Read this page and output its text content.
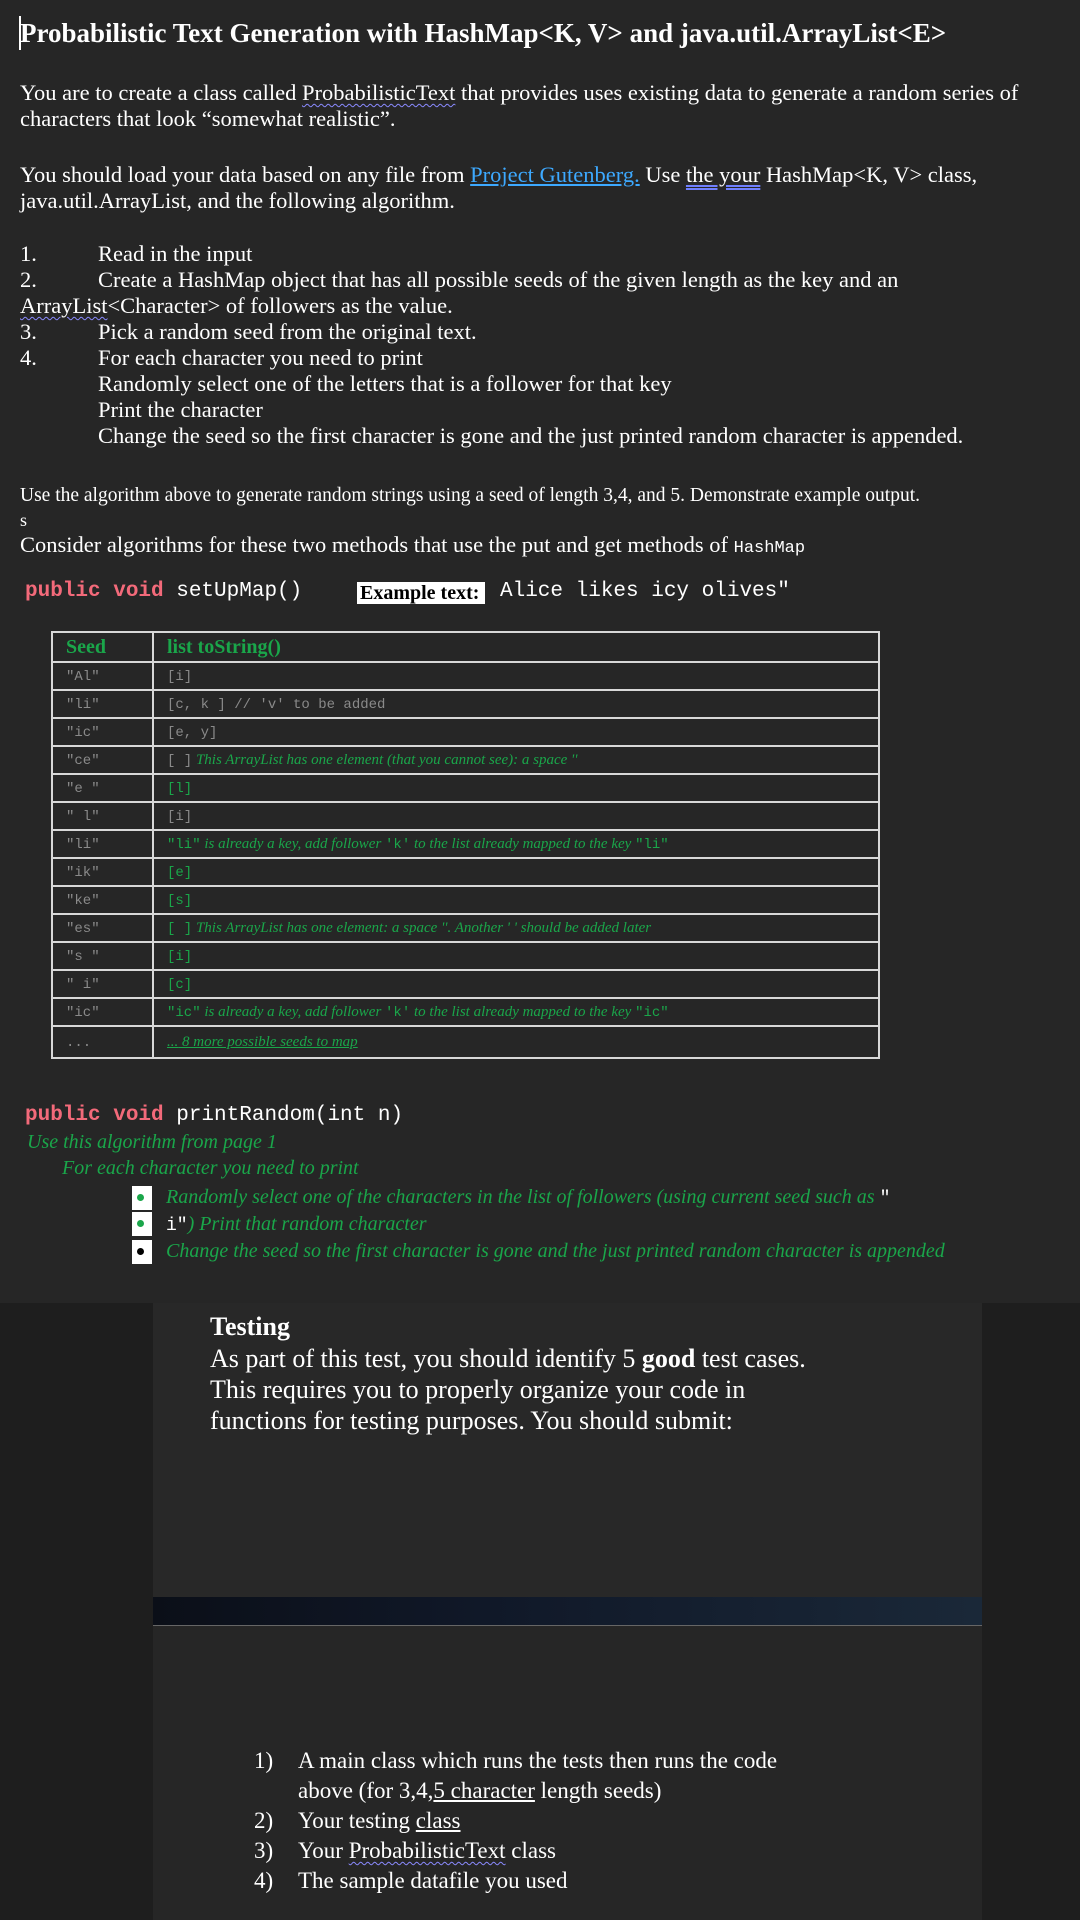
Probabilistic Text Generation with HashMap<K, V> and java.util.ArrayList<E>
You are to create a class called ProbabilisticText that provides uses existing data to generate a random series of
characters that look “somewhat realistic”.
You should load your data based on any file from Project Gutenberg. Use the your HashMap<K, V> class,
java.util.ArrayList, and the following algorithm.
1.	Read in the input
2.	Create a HashMap object that has all possible seeds of the given length as the key and an
ArrayList<Character> of followers as the value.
3.	Pick a random seed from the original text.
4.	For each character you need to print
Randomly select one of the letters that is a follower for that key
Print the character
Change the seed so the first character is gone and the just printed random character is appended.
Use the algorithm above to generate random strings using a seed of length 3,4, and 5. Demonstrate example output.
s
Consider algorithms for these two methods that use the put and get methods of HashMap
public void setUpMap()	Example text: Alice likes icy olives"
Seed	list toString()
"Al"	[i]
"li"	[c, k ] // 'v' to be added
"ic"	[e, y]
"ce"	[ ] This ArrayList has one element (that you cannot see): a space ''
"e "	[l]
" l"	[i]
"li"	"li" is already a key, add follower 'k' to the list already mapped to the key "li"
"ik"	[e]
"ke"	[s]
"es"	[ ] This ArrayList has one element: a space ''. Another ' ' should be added later
"s "	[i]
" i"	[c]
"ic"	"ic" is already a key, add follower 'k' to the list already mapped to the key "ic"
...	... 8 more possible seeds to map
public void printRandom(int n)
Use this algorithm from page 1
For each character you need to print
Randomly select one of the characters in the list of followers (using current seed such as "
i") Print that random character
Change the seed so the first character is gone and the just printed random character is appended
Testing
As part of this test, you should identify 5 good test cases.
This requires you to properly organize your code in
functions for testing purposes. You should submit:
1) A main class which runs the tests then runs the code
above (for 3,4,5 character length seeds)
2) Your testing class
3) Your ProbabilisticText class
4) The sample datafile you used
